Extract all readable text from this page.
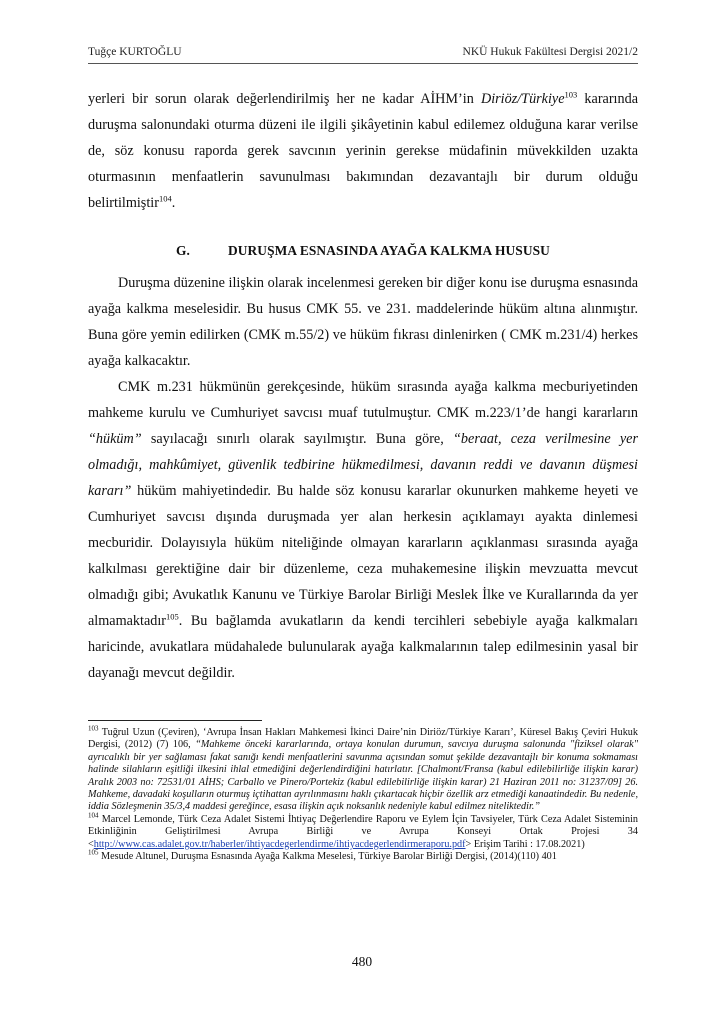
Tuğçe KURTOĞLU	NKÜ Hukuk Fakültesi Dergisi 2021/2

yerleri bir sorun olarak değerlendirilmiş her ne kadar AİHM’in Diriöz/Türkiye$^{103}$ kararında duruşma salonundaki oturma düzeni ile ilgili şikâyetinin kabul edilemez olduğuna karar verilse de, söz konusu raporda gerek savcının yerinin gerekse müdafinin müvekkilden uzakta oturmasının menfaatlerin savunulması bakımından dezavantajlı bir durum olduğu belirtilmiştir$^{104}$.

G.	DURUŞMA ESNASINDA AYAĞA KALKMA HUSUSU

Duruşma düzenine ilişkin olarak incelenmesi gereken bir diğer konu ise duruşma esnasında ayağa kalkma meselesidir. Bu husus CMK 55. ve 231. maddelerinde hüküm altına alınmıştır. Buna göre yemin edilirken (CMK m.55/2) ve hüküm fıkrası dinlenirken ( CMK m.231/4) herkes ayağa kalkacaktır.

CMK m.231 hükmünün gerekçesinde, hüküm sırasında ayağa kalkma mecburiyetinden mahkeme kurulu ve Cumhuriyet savcısı muaf tutulmuştur. CMK m.223/1’de hangi kararların “hüküm” sayılacağı sınırlı olarak sayılmıştır. Buna göre, “beraat, ceza verilmesine yer olmadığı, mahkûmiyet, güvenlik tedbirine hükmedilmesi, davanın reddi ve davanın düşmesi kararı” hüküm mahiyetindedir. Bu halde söz konusu kararlar okunurken mahkeme heyeti ve Cumhuriyet savcısı dışında duruşmada yer alan herkesin açıklamayı ayakta dinlemesi mecburidir. Dolayısıyla hüküm niteliğinde olmayan kararların açıklanması sırasında ayağa kalkılması gerektiğine dair bir düzenleme, ceza muhakemesine ilişkin mevzuatta mevcut olmadığı gibi; Avukatlık Kanunu ve Türkiye Barolar Birliği Meslek İlke ve Kurallarında da yer almamaktadır$^{105}$. Bu bağlamda avukatların da kendi tercihleri sebebiyle ayağa kalkmaları haricinde, avukatlara müdahalede bulunularak ayağa kalkmalarının talep edilmesinin yasal bir dayanağı mevcut değildir.

$^{103}$ Tuğrul Uzun (Çeviren), ‘Avrupa İnsan Hakları Mahkemesi İkinci Daire’nin Diriöz/Türkiye Kararı’, Küresel Bakış Çeviri Hukuk Dergisi, (2012) (7) 106, “Mahkeme önceki kararlarında, ortaya konulan durumun, savcıya duruşma salonunda "fiziksel olarak" ayrıcalıklı bir yer sağlaması fakat sanığı kendi menfaatlerini savunma açısından somut şekilde dezavantajlı bir konuma sokmaması halinde silahların eşitliği ilkesini ihlal etmediğini değerlendirdiğini hatırlatır. [Chalmont/Fransa (kabul edilebilirliğe ilişkin karar) Aralık 2003 no: 72531/01 AİHS; Carballo ve Pinero/Portekiz (kabul edilebilirliğe ilişkin karar) 21 Haziran 2011 no: 31237/09] 26. Mahkeme, davadaki koşulların oturmuş içtihattan ayrılınmasını haklı çıkartacak hiçbir özellik arz etmediği kanaatindedir. Bu nedenle, iddia Sözleşmenin 35/3,4 maddesi gereğince, esasa ilişkin açık noksanlık nedeniyle kabul edilmez niteliktedir.”

$^{104}$ Marcel Lemonde, Türk Ceza Adalet Sistemi İhtiyaç Değerlendire Raporu ve Eylem İçin Tavsiyeler, Türk Ceza Adalet Sisteminin Etkinliğinin Geliştirilmesi Avrupa Birliği ve Avrupa Konseyi Ortak Projesi 34 <http://www.cas.adalet.gov.tr/haberler/ihtiyacdegerlendirme/ihtiyacdegerlendirmeraporu.pdf> Erişim Tarihi : 17.08.2021)

$^{105}$ Mesude Altunel, Duruşma Esnasında Ayağa Kalkma Meselesi, Türkiye Barolar Birliği Dergisi, (2014)(110) 401

480
